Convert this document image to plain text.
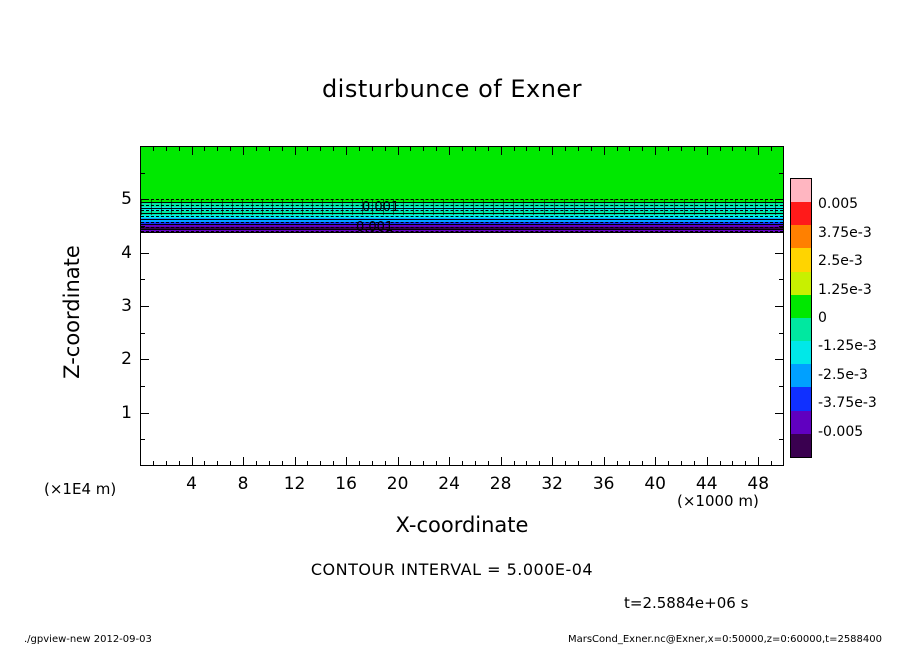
disturbunce of Exner
4	8	12	16	20	24	28	32	36	40	44	48
1
2
3
4
5	0.001
0.001
X-coordinate
Z-coordinate
(×1000 m)
(×1E4 m)
0.005
3.75e-3
2.5e-3
1.25e-3
0
-1.25e-3
-2.5e-3
-3.75e-3
-0.005
CONTOUR INTERVAL = 5.000E-04
t=2.5884e+06 s
./gpview-new 2012-09-03	MarsCond_Exner.nc@Exner,x=0:50000,z=0:60000,t=2588400
